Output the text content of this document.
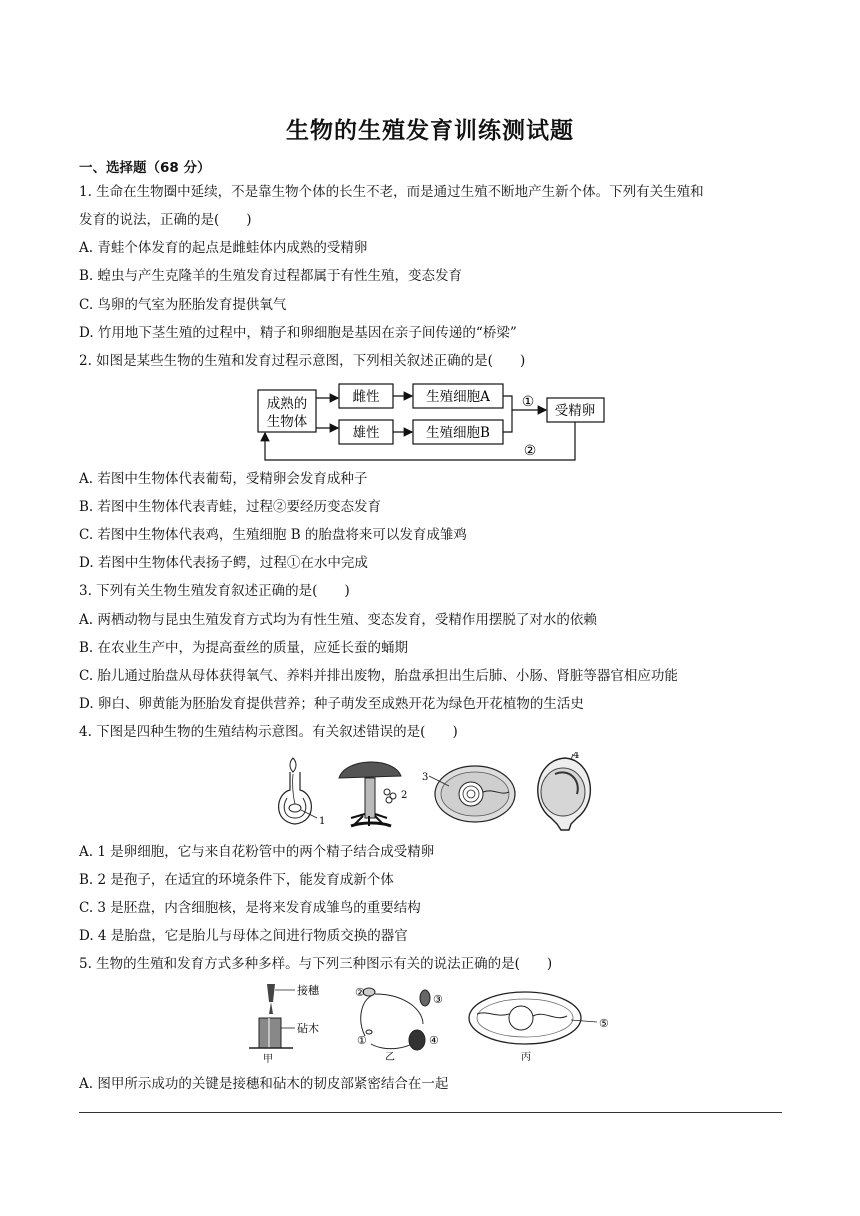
生物的生殖发育训练测试题
一、选择题（68 分）
1. 生命在生物圈中延续，不是靠生物个体的长生不老，而是通过生殖不断地产生新个体。下列有关生殖和
发育的说法，正确的是(　　)
A. 青蛙个体发育的起点是雌蛙体内成熟的受精卵
B. 蝗虫与产生克隆羊的生殖发育过程都属于有性生殖，变态发育
C. 鸟卵的气室为胚胎发育提供氧气
D. 竹用地下茎生殖的过程中，精子和卵细胞是基因在亲子间传递的“桥梁”
2. 如图是某些生物的生殖和发育过程示意图，下列相关叙述正确的是(　　)
成熟的
生物体
雌性
雄性
生殖细胞A
生殖细胞B
①
受精卵
②
A. 若图中生物体代表葡萄，受精卵会发育成种子
B. 若图中生物体代表青蛙，过程②要经历变态发育
C. 若图中生物体代表鸡，生殖细胞 B 的胎盘将来可以发育成雏鸡
D. 若图中生物体代表扬子鳄，过程①在水中完成
3. 下列有关生物生殖发育叙述正确的是(　　)
A. 两栖动物与昆虫生殖发育方式均为有性生殖、变态发育，受精作用摆脱了对水的依赖
B. 在农业生产中，为提高蚕丝的质量，应延长蚕的蛹期
C. 胎儿通过胎盘从母体获得氧气、养料并排出废物，胎盘承担出生后肺、小肠、肾脏等器官相应功能
D. 卵白、卵黄能为胚胎发育提供营养；种子萌发至成熟开花为绿色开花植物的生活史
4. 下图是四种生物的生殖结构示意图。有关叙述错误的是(　　)
1
2
3
4
A. 1 是卵细胞，它与来自花粉管中的两个精子结合成受精卵
B. 2 是孢子，在适宜的环境条件下，能发育成新个体
C. 3 是胚盘，内含细胞核，是将来发育成雏鸟的重要结构
D. 4 是胎盘，它是胎儿与母体之间进行物质交换的器官
5. 生物的生殖和发育方式多种多样。与下列三种图示有关的说法正确的是(　　)
接穗
砧木
甲
②
③
④
①
乙
⑤
丙
A. 图甲所示成功的关键是接穗和砧木的韧皮部紧密结合在一起
